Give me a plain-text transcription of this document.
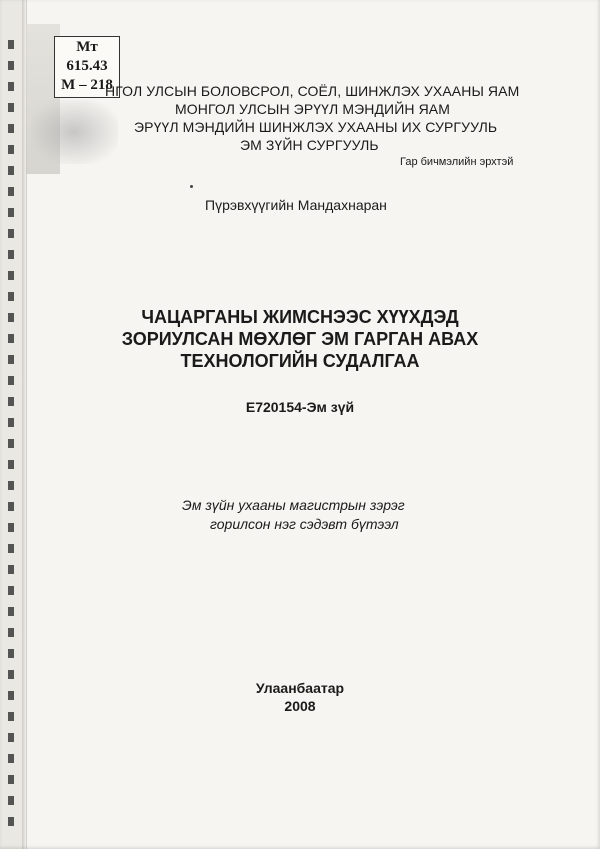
Мт
615.43
М – 218
НГОЛ УЛСЫН БОЛОВСРОЛ, СОЁЛ, ШИНЖЛЭХ УХААНЫ ЯАМ
МОНГОЛ УЛСЫН ЭРҮҮЛ МЭНДИЙН ЯАМ
ЭРҮҮЛ МЭНДИЙН ШИНЖЛЭХ УХААНЫ ИХ СУРГУУЛЬ
ЭМ ЗҮЙН СУРГУУЛЬ
Гар бичмэлийн эрхтэй
Пүрэвхүүгийн Мандахнаран
ЧАЦАРГАНЫ ЖИМСНЭЭС ХҮҮХДЭД
ЗОРИУЛСАН МӨХЛӨГ ЭМ ГАРГАН АВАХ
ТЕХНОЛОГИЙН СУДАЛГАА
Е720154-Эм зүй
Эм зүйн ухааны магистрын зэрэг
горилсон нэг сэдэвт бүтээл
Улаанбаатар
2008
